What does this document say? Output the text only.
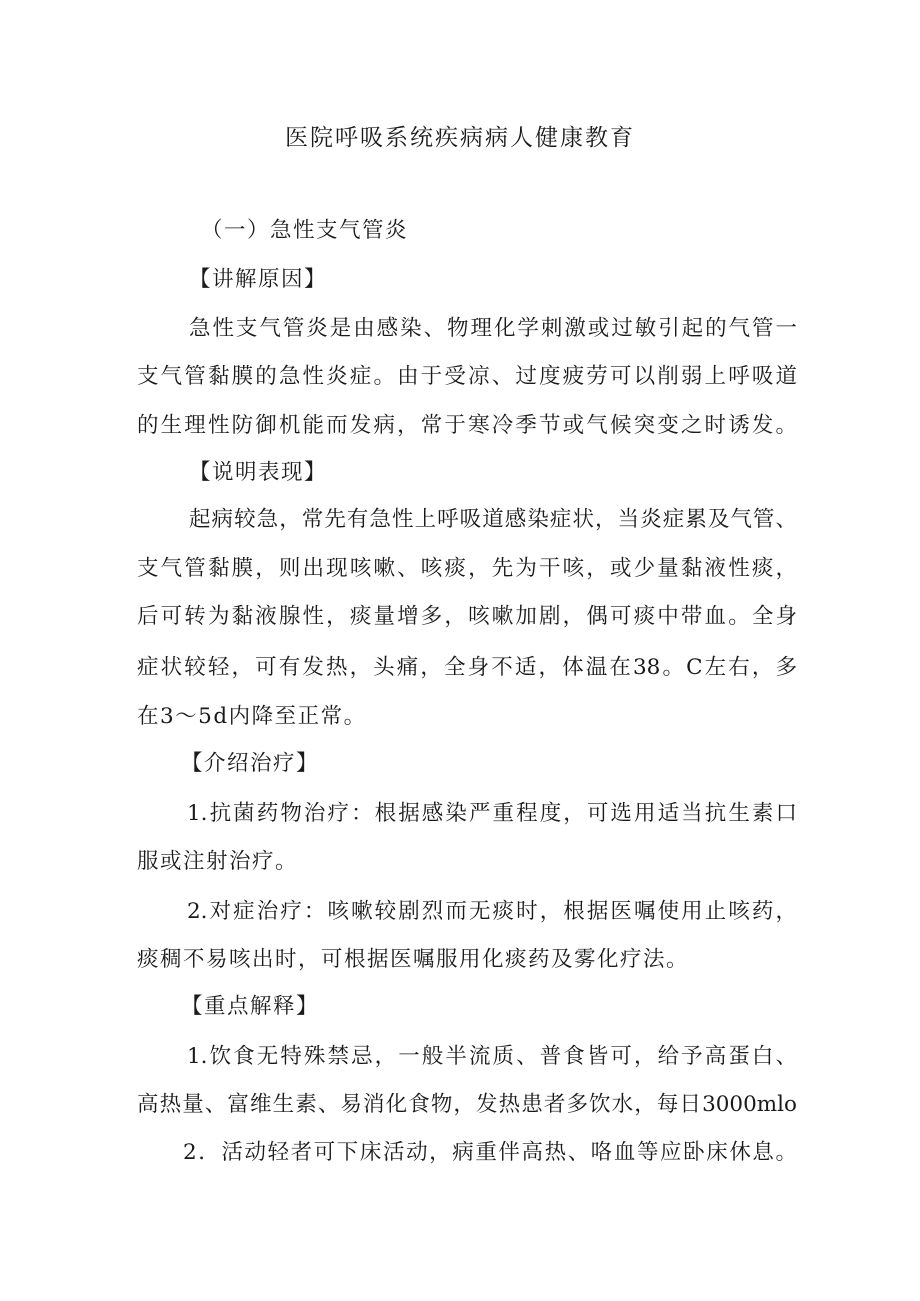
医院呼吸系统疾病病人健康教育
（一）急性支气管炎
【讲解原因】
急性支气管炎是由感染、物理化学刺激或过敏引起的气管一
支气管黏膜的急性炎症。由于受凉、过度疲劳可以削弱上呼吸道
的生理性防御机能而发病，常于寒冷季节或气候突变之时诱发。
【说明表现】
起病较急，常先有急性上呼吸道感染症状，当炎症累及气管、
支气管黏膜，则出现咳嗽、咳痰，先为干咳，或少量黏液性痰，
后可转为黏液腺性，痰量增多，咳嗽加剧，偶可痰中带血。全身
症状较轻，可有发热，头痛，全身不适，体温在38。C左右，多
在3～5d内降至正常。
【介绍治疗】
1.抗菌药物治疗：根据感染严重程度，可选用适当抗生素口
服或注射治疗。
2.对症治疗：咳嗽较剧烈而无痰时，根据医嘱使用止咳药，
痰稠不易咳出时，可根据医嘱服用化痰药及雾化疗法。
【重点解释】
1.饮食无特殊禁忌，一般半流质、普食皆可，给予高蛋白、
高热量、富维生素、易消化食物，发热患者多饮水，每日3000mlo
2．活动轻者可下床活动，病重伴高热、咯血等应卧床休息。
